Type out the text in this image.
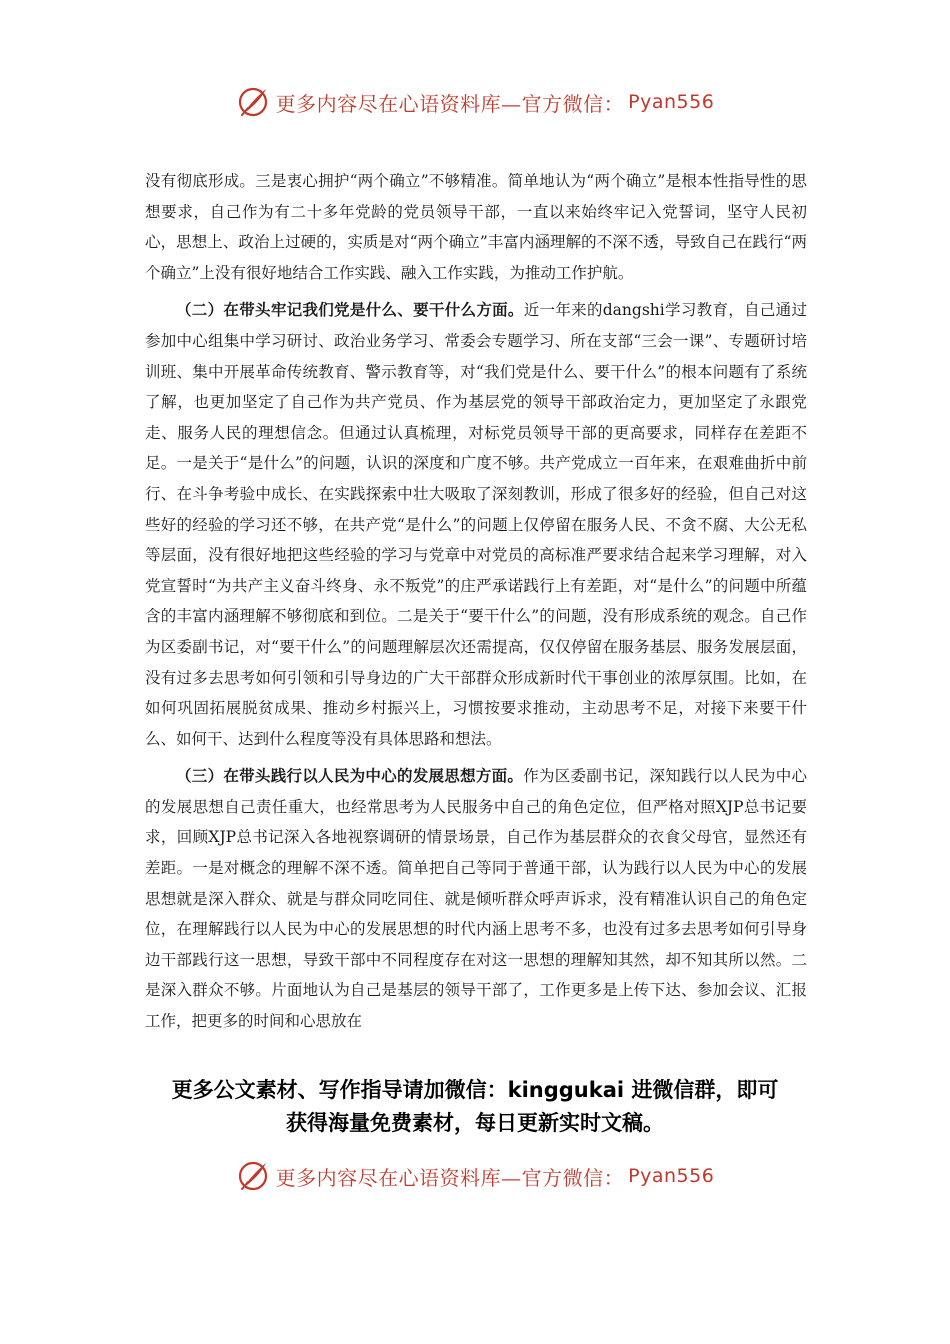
更多内容尽在心语资料库—官方微信： Pyan556

没有彻底形成。三是衷心拥护“两个确立”不够精准。简单地认为“两个确立”是根本性指导性的思想要求，自己作为有二十多年党龄的党员领导干部，一直以来始终牢记入党誓词，坚守人民初心，思想上、政治上过硬的，实质是对“两个确立”丰富内涵理解的不深不透，导致自己在践行“两个确立”上没有很好地结合工作实践、融入工作实践，为推动工作护航。

（二）在带头牢记我们党是什么、要干什么方面。近一年来的dangshi学习教育，自己通过参加中心组集中学习研讨、政治业务学习、常委会专题学习、所在支部“三会一课”、专题研讨培训班、集中开展革命传统教育、警示教育等，对“我们党是什么、要干什么”的根本问题有了系统了解，也更加坚定了自己作为共产党员、作为基层党的领导干部政治定力，更加坚定了永跟党走、服务人民的理想信念。但通过认真梳理，对标党员领导干部的更高要求，同样存在差距不足。一是关于“是什么”的问题，认识的深度和广度不够。共产党成立一百年来，在艰难曲折中前行、在斗争考验中成长、在实践探索中壮大吸取了深刻教训，形成了很多好的经验，但自己对这些好的经验的学习还不够，在共产党“是什么”的问题上仅停留在服务人民、不贪不腐、大公无私等层面，没有很好地把这些经验的学习与党章中对党员的高标准严要求结合起来学习理解，对入党宣誓时“为共产主义奋斗终身、永不叛党”的庄严承诺践行上有差距，对“是什么”的问题中所蕴含的丰富内涵理解不够彻底和到位。二是关于“要干什么”的问题，没有形成系统的观念。自己作为区委副书记，对“要干什么”的问题理解层次还需提高，仅仅停留在服务基层、服务发展层面，没有过多去思考如何引领和引导身边的广大干部群众形成新时代干事创业的浓厚氛围。比如，在如何巩固拓展脱贫成果、推动乡村振兴上，习惯按要求推动，主动思考不足，对接下来要干什么、如何干、达到什么程度等没有具体思路和想法。

（三）在带头践行以人民为中心的发展思想方面。作为区委副书记，深知践行以人民为中心的发展思想自己责任重大，也经常思考为人民服务中自己的角色定位，但严格对照XJP总书记要求，回顾XJP总书记深入各地视察调研的情景场景，自己作为基层群众的衣食父母官，显然还有差距。一是对概念的理解不深不透。简单把自己等同于普通干部，认为践行以人民为中心的发展思想就是深入群众、就是与群众同吃同住、就是倾听群众呼声诉求，没有精准认识自己的角色定位，在理解践行以人民为中心的发展思想的时代内涵上思考不多，也没有过多去思考如何引导身边干部践行这一思想，导致干部中不同程度存在对这一思想的理解知其然，却不知其所以然。二是深入群众不够。片面地认为自己是基层的领导干部了，工作更多是上传下达、参加会议、汇报工作，把更多的时间和心思放在

更多公文素材、写作指导请加微信：kinggukai 进微信群，即可
获得海量免费素材，每日更新实时文稿。
更多内容尽在心语资料库—官方微信： Pyan556
